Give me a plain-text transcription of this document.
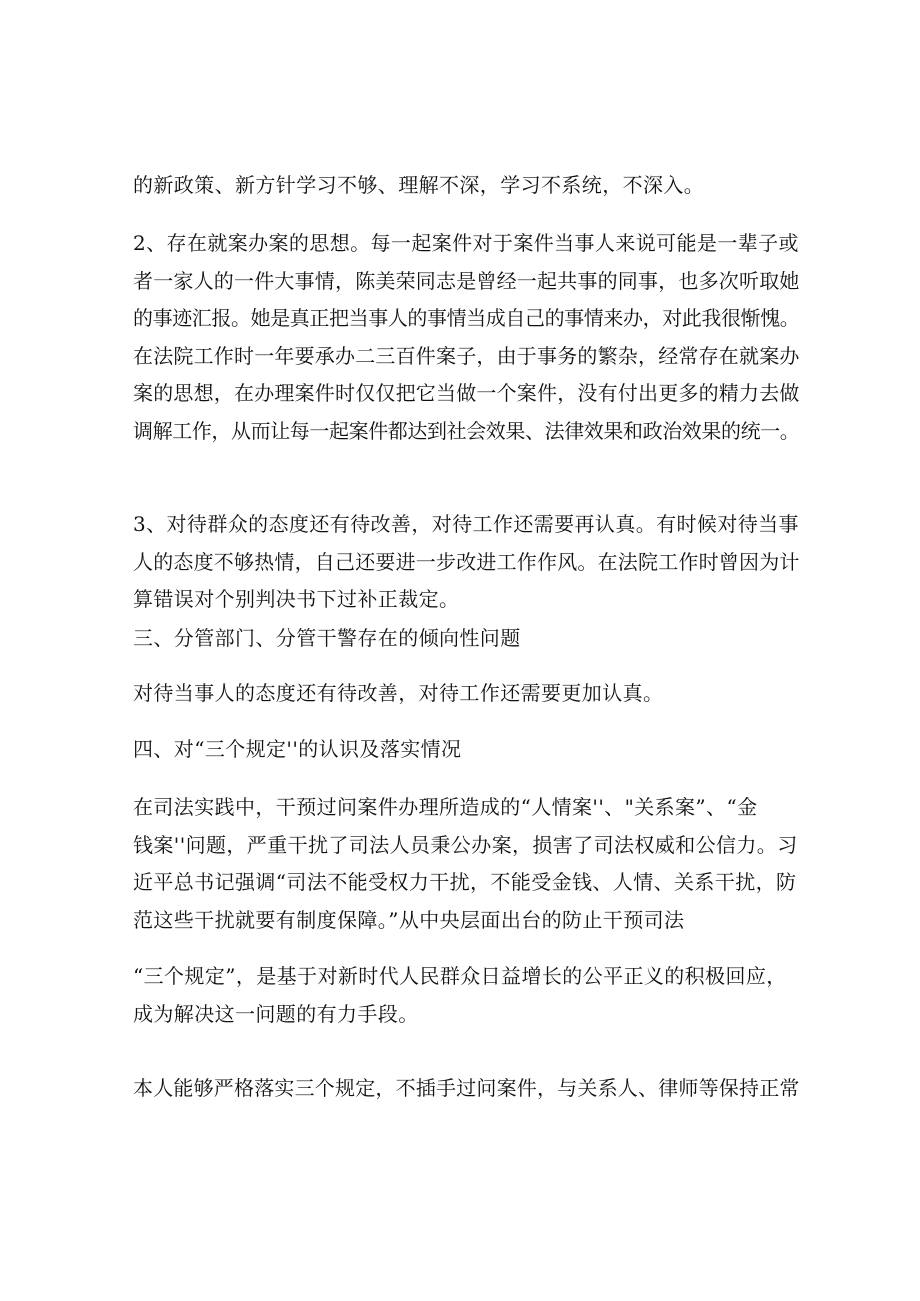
的新政策、新方针学习不够、理解不深，学习不系统，不深入。

2、存在就案办案的思想。每一起案件对于案件当事人来说可能是一辈子或
者一家人的一件大事情，陈美荣同志是曾经一起共事的同事，也多次听取她
的事迹汇报。她是真正把当事人的事情当成自己的事情来办，对此我很惭愧。
在法院工作时一年要承办二三百件案子，由于事务的繁杂，经常存在就案办
案的思想，在办理案件时仅仅把它当做一个案件，没有付出更多的精力去做
调解工作，从而让每一起案件都达到社会效果、法律效果和政治效果的统一。

3、对待群众的态度还有待改善，对待工作还需要再认真。有时候对待当事
人的态度不够热情，自己还要进一步改进工作作风。在法院工作时曾因为计
算错误对个别判决书下过补正裁定。

三、分管部门、分管干警存在的倾向性问题

对待当事人的态度还有待改善，对待工作还需要更加认真。

四、对“三个规定''的认识及落实情况

在司法实践中，干预过问案件办理所造成的“人情案''、"关系案”、“金
钱案''问题，严重干扰了司法人员秉公办案，损害了司法权威和公信力。习
近平总书记强调“司法不能受权力干扰，不能受金钱、人情、关系干扰，防
范这些干扰就要有制度保障。”从中央层面出台的防止干预司法

“三个规定”，是基于对新时代人民群众日益增长的公平正义的积极回应，
成为解决这一问题的有力手段。

本人能够严格落实三个规定，不插手过问案件，与关系人、律师等保持正常
